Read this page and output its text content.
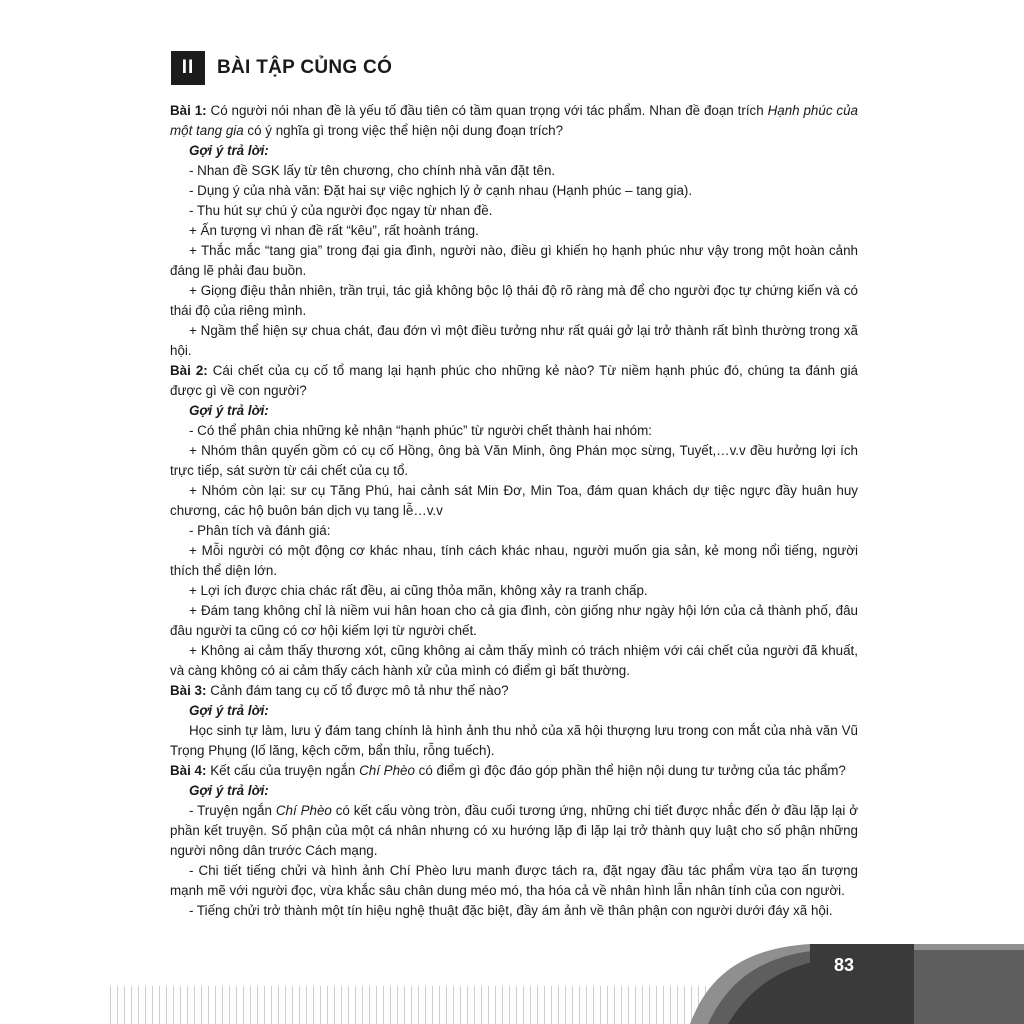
II	BÀI TẬP CỦNG CÓ

Bài 1: Có người nói nhan đề là yếu tố đầu tiên có tầm quan trọng với tác phẩm. Nhan đề đoạn trích Hạnh phúc của một tang gia có ý nghĩa gì trong việc thể hiện nội dung đoạn trích?

Gợi ý trả lời:

- Nhan đề SGK lấy từ tên chương, cho chính nhà văn đặt tên.

- Dụng ý của nhà văn: Đặt hai sự việc nghịch lý ở cạnh nhau (Hạnh phúc – tang gia).

- Thu hút sự chú ý của người đọc ngay từ nhan đề.

+ Ấn tượng vì nhan đề rất “kêu”, rất hoành tráng.

+ Thắc mắc “tang gia” trong đại gia đình, người nào, điều gì khiến họ hạnh phúc như vậy trong một hoàn cảnh đáng lẽ phải đau buồn.

+ Giọng điệu thản nhiên, trần trụi, tác giả không bộc lộ thái độ rõ ràng mà để cho người đọc tự chứng kiến và có thái độ của riêng mình.

+ Ngầm thể hiện sự chua chát, đau đớn vì một điều tưởng như rất quái gở lại trở thành rất bình thường trong xã hội.

Bài 2: Cái chết của cụ cố tổ mang lại hạnh phúc cho những kẻ nào? Từ niềm hạnh phúc đó, chúng ta đánh giá được gì về con người?

Gợi ý trả lời:

- Có thể phân chia những kẻ nhận “hạnh phúc” từ người chết thành hai nhóm:

+ Nhóm thân quyến gồm có cụ cố Hồng, ông bà Văn Minh, ông Phán mọc sừng, Tuyết,…v.v đều hưởng lợi ích trực tiếp, sát sườn từ cái chết của cụ tổ.

+ Nhóm còn lại: sư cụ Tăng Phú, hai cảnh sát Min Đơ, Min Toa, đám quan khách dự tiệc ngực đầy huân huy chương, các hộ buôn bán dịch vụ tang lễ…v.v

- Phân tích và đánh giá:

+ Mỗi người có một động cơ khác nhau, tính cách khác nhau, người muốn gia sản, kẻ mong nổi tiếng, người thích thể diện lớn.

+ Lợi ích được chia chác rất đều, ai cũng thỏa mãn, không xảy ra tranh chấp.

+ Đám tang không chỉ là niềm vui hân hoan cho cả gia đình, còn giống như ngày hội lớn của cả thành phố, đâu đâu người ta cũng có cơ hội kiếm lợi từ người chết.

+ Không ai cảm thấy thương xót, cũng không ai cảm thấy mình có trách nhiệm với cái chết của người đã khuất, và càng không có ai cảm thấy cách hành xử của mình có điểm gì bất thường.

Bài 3: Cảnh đám tang cụ cố tổ được mô tả như thế nào?

Gợi ý trả lời:

Học sinh tự làm, lưu ý đám tang chính là hình ảnh thu nhỏ của xã hội thượng lưu trong con mắt của nhà văn Vũ Trọng Phụng (lố lăng, kệch cỡm, bẩn thỉu, rỗng tuếch).

Bài 4: Kết cấu của truyện ngắn Chí Phèo có điểm gì độc đáo góp phần thể hiện nội dung tư tưởng của tác phẩm?

Gợi ý trả lời:

- Truyện ngắn Chí Phèo có kết cấu vòng tròn, đầu cuối tương ứng, những chi tiết được nhắc đến ở đầu lặp lại ở phần kết truyện. Số phận của một cá nhân nhưng có xu hướng lặp đi lặp lại trở thành quy luật cho số phận những người nông dân trước Cách mạng.

- Chi tiết tiếng chửi và hình ảnh Chí Phèo lưu manh được tách ra, đặt ngay đầu tác phẩm vừa tạo ấn tượng mạnh mẽ với người đọc, vừa khắc sâu chân dung méo mó, tha hóa cả về nhân hình lẫn nhân tính của con người.

- Tiếng chửi trở thành một tín hiệu nghệ thuật đặc biệt, đầy ám ảnh về thân phận con người dưới đáy xã hội.

83
